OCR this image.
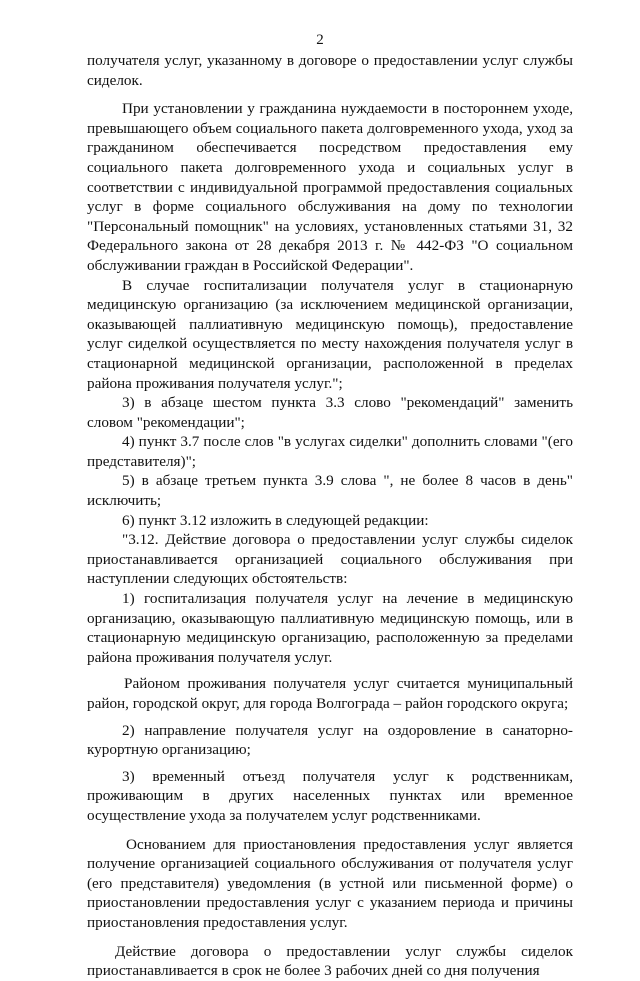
2

получателя услуг, указанному в договоре о предоставлении услуг службы сиделок.

При установлении у гражданина нуждаемости в постороннем уходе, превышающего объем социального пакета долговременного ухода, уход за гражданином обеспечивается посредством предоставления ему социального пакета долговременного ухода и социальных услуг в соответствии с индивидуальной программой предоставления социальных услуг в форме социального обслуживания на дому по технологии "Персональный помощник" на условиях, установленных статьями 31, 32 Федерального закона от 28 декабря 2013 г. № 442-ФЗ "О социальном обслуживании граждан в Российской Федерации".

В случае госпитализации получателя услуг в стационарную медицинскую организацию (за исключением медицинской организации, оказывающей паллиативную медицинскую помощь), предоставление услуг сиделкой осуществляется по месту нахождения получателя услуг в стационарной медицинской организации, расположенной в пределах района проживания получателя услуг.";

3) в абзаце шестом пункта 3.3 слово "рекомендаций" заменить словом "рекомендации";

4) пункт 3.7 после слов "в услугах сиделки" дополнить словами "(его представителя)";

5) в абзаце третьем пункта 3.9 слова ", не более 8 часов в день" исключить;

6) пункт 3.12 изложить в следующей редакции:

"3.12. Действие договора о предоставлении услуг службы сиделок приостанавливается организацией социального обслуживания при наступлении следующих обстоятельств:

1) госпитализация получателя услуг на лечение в медицинскую организацию, оказывающую паллиативную медицинскую помощь, или в стационарную медицинскую организацию, расположенную за пределами района проживания получателя услуг.

Районом проживания получателя услуг считается муниципальный район, городской округ, для города Волгограда – район городского округа;

2) направление получателя услуг на оздоровление в санаторно-курортную организацию;

3) временный отъезд получателя услуг к родственникам, проживающим в других населенных пунктах или временное осуществление ухода за получателем услуг родственниками.

Основанием для приостановления предоставления услуг является получение организацией социального обслуживания от получателя услуг (его представителя) уведомления (в устной или письменной форме) о приостановлении предоставления услуг с указанием периода и причины приостановления предоставления услуг.

Действие договора о предоставлении услуг службы сиделок приостанавливается в срок не более 3 рабочих дней со дня получения
